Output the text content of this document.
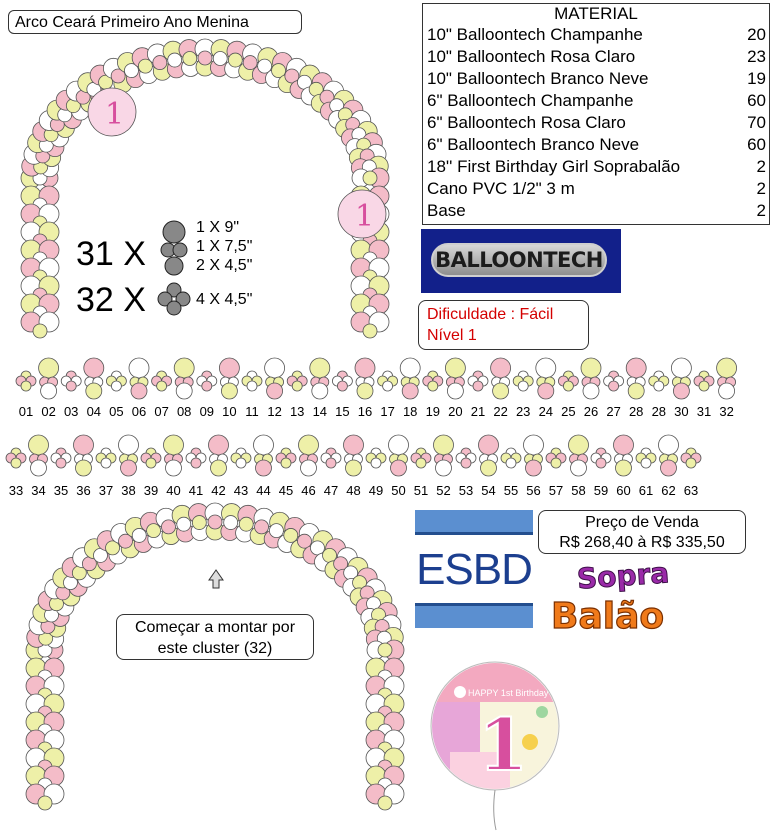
1
1
Arco Ceará Primeiro Ano Menina	MATERIAL
10" Balloontech Champanhe	20
10" Balloontech Rosa Claro	23
10" Balloontech Branco Neve	19
6" Balloontech Champanhe	60
6" Balloontech Rosa Claro	70
6" Balloontech Branco Neve	60
18'' First Birthday Girl Soprabalão	2
Cano PVC 1/2" 3 m	2
Base	2
BALLOONTECH
Dificuldade : Fácil
Nível 1
31 X
1 X 9"
1 X 7,5"
2 X 4,5"
32 X	4 X 4,5"
01 02 03 04 05 06 07 08 09 10 11 12 13 14 15 16 17 18 19 20 21 22 23 24 25 26 27 28 28 30 31 32
33 34 35 36 37 38 39 40 41 42 43 44 45 46 47 48 49 50 51 52 53 54 55 56 57 58 59 60 61 62 63
Começar a montar por
este cluster (32)
ESBD
Preço de Venda
R$ 268,40 à R$ 335,50
Sopra
Balão
HAPPY 1st Birthday
1
